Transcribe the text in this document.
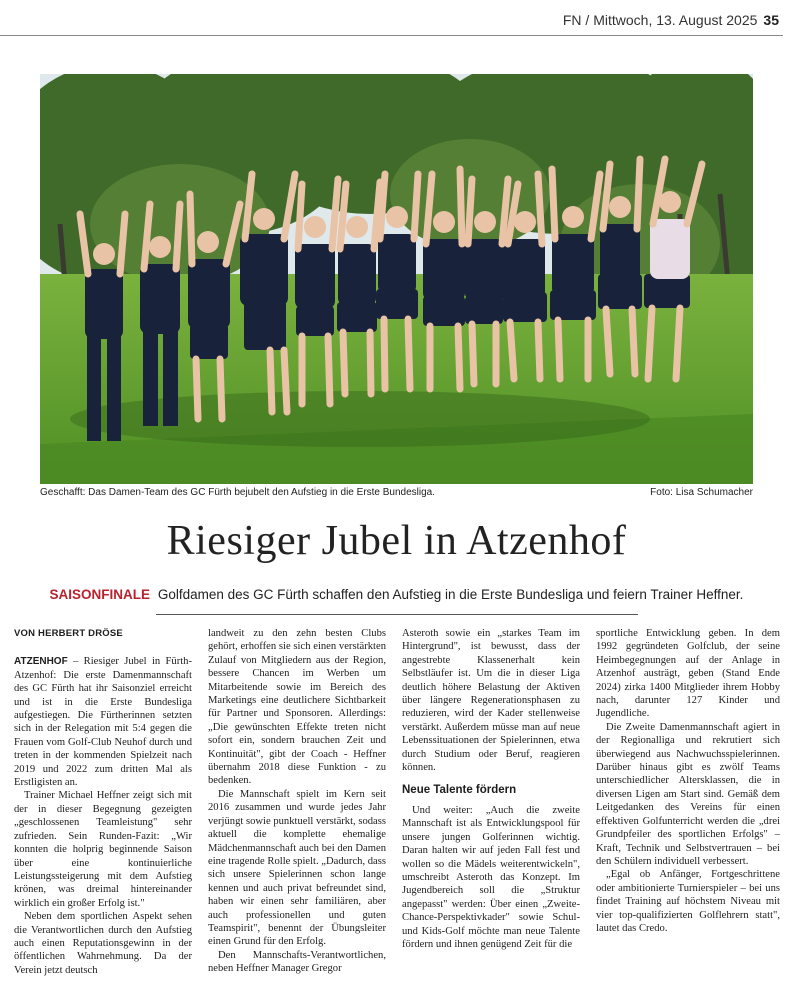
FN / Mittwoch, 13. August 2025 35
Geschafft: Das Damen-Team des GC Fürth bejubelt den Aufstieg in die Erste Bundesliga.	Foto: Lisa Schumacher
Riesiger Jubel in Atzenhof
SAISONFINALE Golfdamen des GC Fürth schaffen den Aufstieg in die Erste Bundesliga und feiern Trainer Heffner.
VON HERBERT DRÖSE

ATZENHOF – Riesiger Jubel in Fürth-Atzenhof: Die erste Damenmannschaft des GC Fürth hat ihr Saisonziel erreicht und ist in die Erste Bundesliga aufgestiegen. Die Fürtherinnen setzten sich in der Relegation mit 5:4 gegen die Frauen vom Golf-Club Neuhof durch und treten in der kommenden Spielzeit nach 2019 und 2022 zum dritten Mal als Erstligisten an.

Trainer Michael Heffner zeigt sich mit der in dieser Begegnung gezeigten „geschlossenen Teamleistung" sehr zufrieden. Sein Runden-Fazit: „Wir konnten die holprig beginnende Saison über eine kontinuierliche Leistungssteigerung mit dem Aufstieg krönen, was dreimal hintereinander wirklich ein großer Erfolg ist."

Neben dem sportlichen Aspekt sehen die Verantwortlichen durch den Aufstieg auch einen Reputationsgewinn in der öffentlichen Wahrnehmung. Da der Verein jetzt deutsch

landweit zu den zehn besten Clubs gehört, erhoffen sie sich einen verstärkten Zulauf von Mitgliedern aus der Region, bessere Chancen im Werben um Mitarbeitende sowie im Bereich des Marketings eine deutlichere Sichtbarkeit für Partner und Sponsoren. Allerdings: „Die gewünschten Effekte treten nicht sofort ein, sondern brauchen Zeit und Kontinuität", gibt der Coach - Heffner übernahm 2018 diese Funktion - zu bedenken.

Die Mannschaft spielt im Kern seit 2016 zusammen und wurde jedes Jahr verjüngt sowie punktuell verstärkt, sodass aktuell die komplette ehemalige Mädchenmannschaft auch bei den Damen eine tragende Rolle spielt. „Dadurch, dass sich unsere Spielerinnen schon lange kennen und auch privat befreundet sind, haben wir einen sehr familiären, aber auch professionellen und guten Teamspirit", benennt der Übungsleiter einen Grund für den Erfolg.

Den Mannschafts-Verantwortlichen, neben Heffner Manager Gregor

Asteroth sowie ein „starkes Team im Hintergrund", ist bewusst, dass der angestrebte Klassenerhalt kein Selbstläufer ist. Um die in dieser Liga deutlich höhere Belastung der Aktiven über längere Regenerationsphasen zu reduzieren, wird der Kader stellenweise verstärkt. Außerdem müsse man auf neue Lebenssituationen der Spielerinnen, etwa durch Studium oder Beruf, reagieren können.

Neue Talente fördern

Und weiter: „Auch die zweite Mannschaft ist als Entwicklungspool für unsere jungen Golferinnen wichtig. Daran halten wir auf jeden Fall fest und wollen so die Mädels weiterentwickeln", umschreibt Asteroth das Konzept. Im Jugendbereich soll die „Struktur angepasst" werden: Über einen „Zweite-Chance-Perspektivkader" sowie Schul- und Kids-Golf möchte man neue Talente fördern und ihnen genügend Zeit für die

sportliche Entwicklung geben. In dem 1992 gegründeten Golfclub, der seine Heimbegegnungen auf der Anlage in Atzenhof austrägt, geben (Stand Ende 2024) zirka 1400 Mitglieder ihrem Hobby nach, darunter 127 Kinder und Jugendliche.

Die Zweite Damenmannschaft agiert in der Regionalliga und rekrutiert sich überwiegend aus Nachwuchsspielerinnen. Darüber hinaus gibt es zwölf Teams unterschiedlicher Altersklassen, die in diversen Ligen am Start sind. Gemäß dem Leitgedanken des Vereins für einen effektiven Golfunterricht werden die „drei Grundpfeiler des sportlichen Erfolgs" – Kraft, Technik und Selbstvertrauen – bei den Schülern individuell verbessert.

„Egal ob Anfänger, Fortgeschrittene oder ambitionierte Turnierspieler – bei uns findet Training auf höchstem Niveau mit vier top-qualifizierten Golflehrern statt", lautet das Credo.
